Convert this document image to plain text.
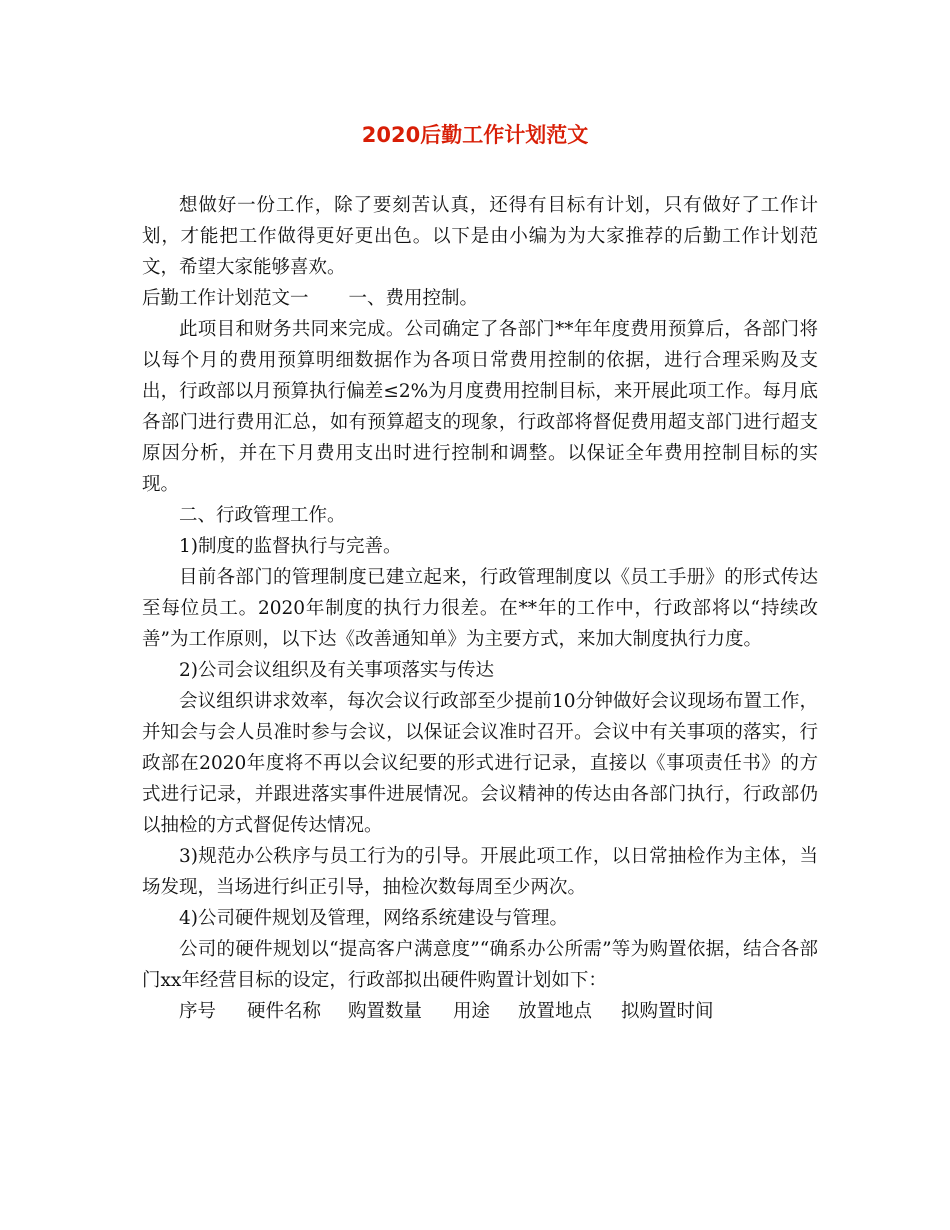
2020后勤工作计划范文

想做好一份工作，除了要刻苦认真，还得有目标有计划，只有做好了工作计划，才能把工作做得更好更出色。以下是由小编为为大家推荐的后勤工作计划范文，希望大家能够喜欢。

后勤工作计划范文一 一、费用控制。

此项目和财务共同来完成。公司确定了各部门**年年度费用预算后，各部门将以每个月的费用预算明细数据作为各项日常费用控制的依据，进行合理采购及支出，行政部以月预算执行偏差≤2%为月度费用控制目标，来开展此项工作。每月底各部门进行费用汇总，如有预算超支的现象，行政部将督促费用超支部门进行超支原因分析，并在下月费用支出时进行控制和调整。以保证全年费用控制目标的实现。

二、行政管理工作。

1)制度的监督执行与完善。

目前各部门的管理制度已建立起来，行政管理制度以《员工手册》的形式传达至每位员工。2020年制度的执行力很差。在**年的工作中，行政部将以“持续改善”为工作原则，以下达《改善通知单》为主要方式，来加大制度执行力度。

2)公司会议组织及有关事项落实与传达

会议组织讲求效率，每次会议行政部至少提前10分钟做好会议现场布置工作，并知会与会人员准时参与会议，以保证会议准时召开。会议中有关事项的落实，行政部在2020年度将不再以会议纪要的形式进行记录，直接以《事项责任书》的方式进行记录，并跟进落实事件进展情况。会议精神的传达由各部门执行，行政部仍以抽检的方式督促传达情况。

3)规范办公秩序与员工行为的引导。开展此项工作，以日常抽检作为主体，当场发现，当场进行纠正引导，抽检次数每周至少两次。

4)公司硬件规划及管理，网络系统建设与管理。

公司的硬件规划以“提高客户满意度”“确系办公所需”等为购置依据，结合各部门xx年经营目标的设定，行政部拟出硬件购置计划如下：

序号	硬件名称	购置数量	用途	放置地点	拟购置时间
